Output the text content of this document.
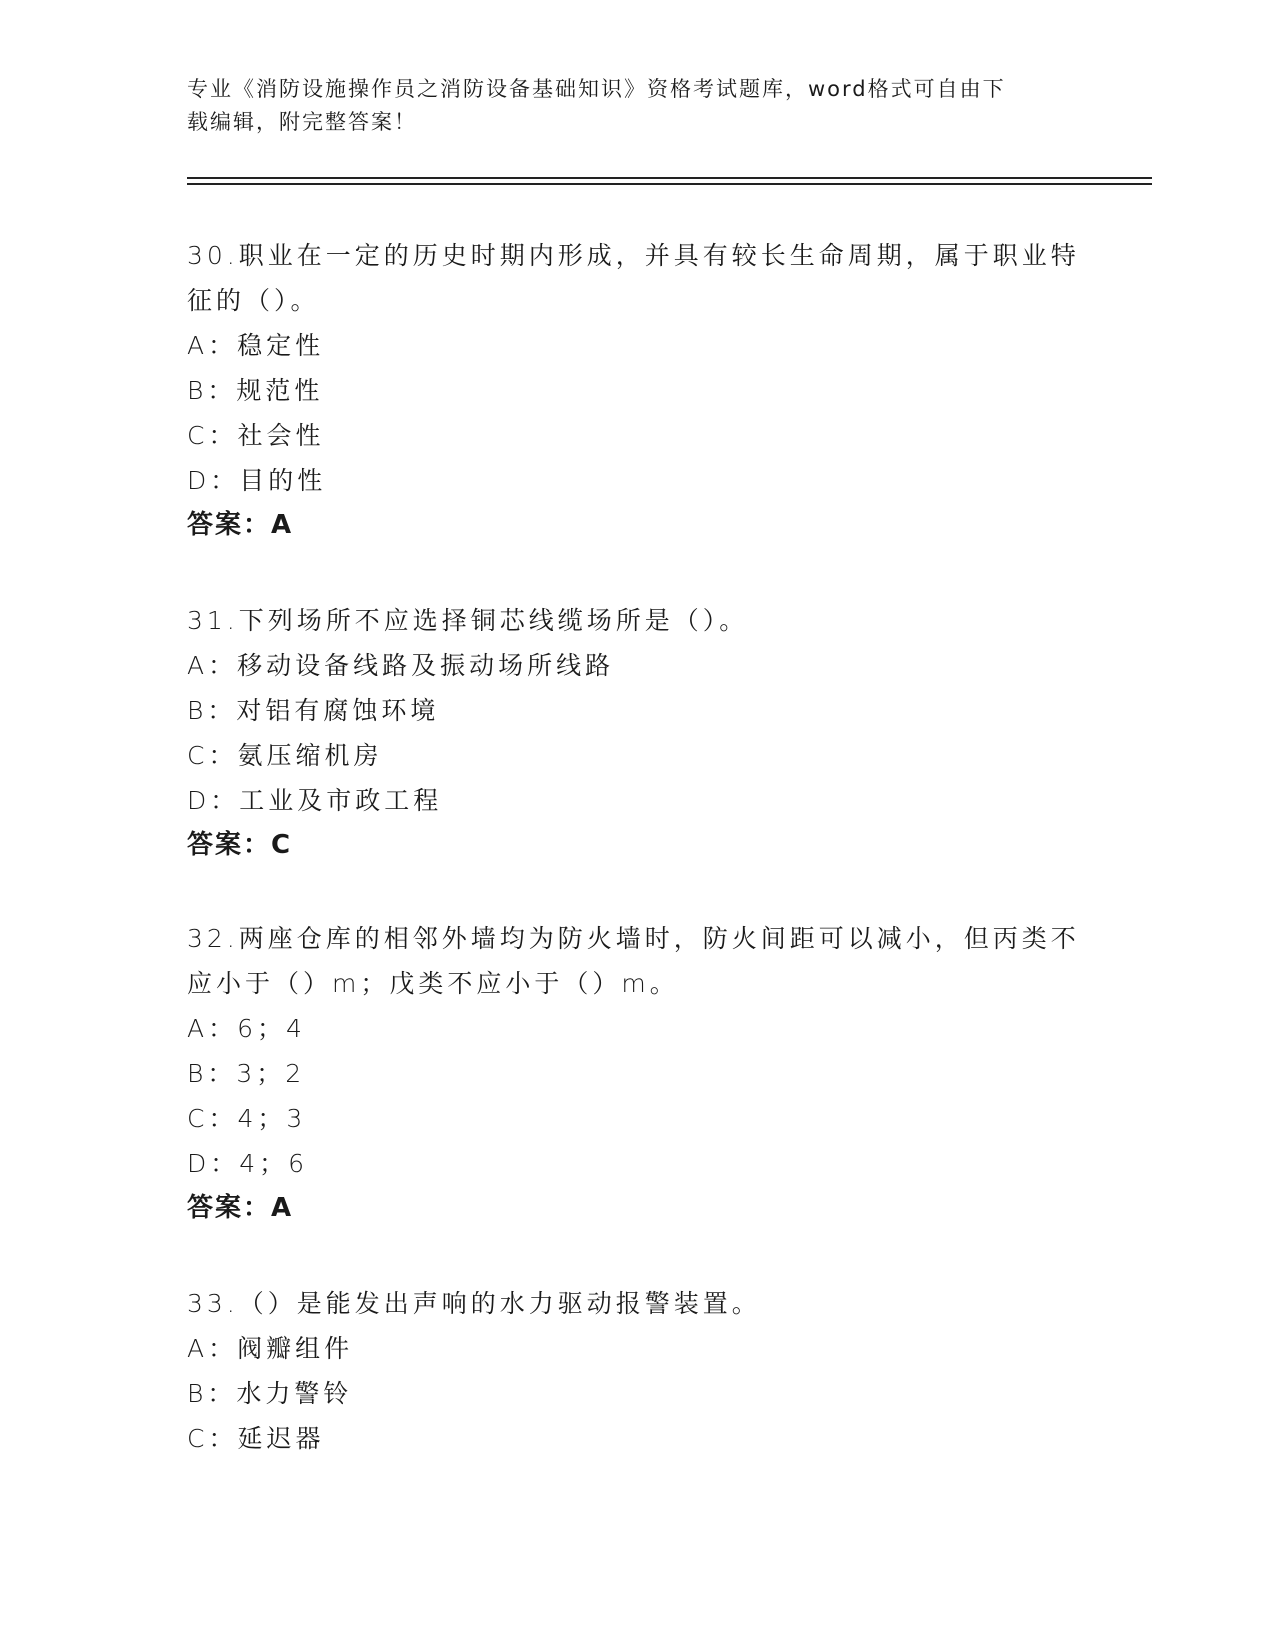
专业《消防设施操作员之消防设备基础知识》资格考试题库，word格式可自由下
载编辑，附完整答案！
30.职业在一定的历史时期内形成，并具有较长生命周期，属于职业特
征的（）。
A：稳定性
B：规范性
C：社会性
D：目的性
答案：A
31.下列场所不应选择铜芯线缆场所是（）。
A：移动设备线路及振动场所线路
B：对铝有腐蚀环境
C：氨压缩机房
D：工业及市政工程
答案：C
32.两座仓库的相邻外墙均为防火墙时，防火间距可以减小，但丙类不
应小于（）m；戊类不应小于（）m。
A：6；4
B：3；2
C：4；3
D：4；6
答案：A
33.（）是能发出声响的水力驱动报警装置。
A：阀瓣组件
B：水力警铃
C：延迟器
